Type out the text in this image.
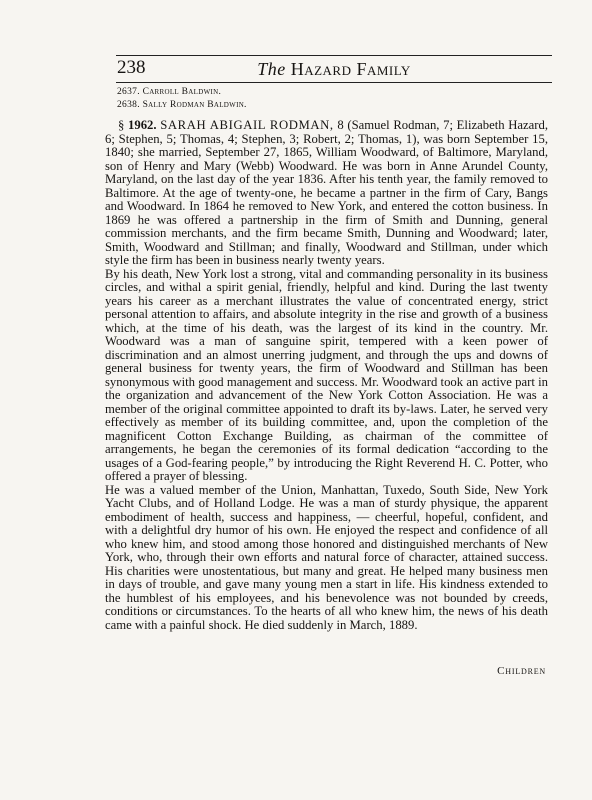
238	The Hazard Family
2637. Carroll Baldwin.
2638. Sally Rodman Baldwin.

§ 1962. SARAH ABIGAIL RODMAN, 8 (Samuel Rodman, 7; Elizabeth Hazard, 6; Stephen, 5; Thomas, 4; Stephen, 3; Robert, 2; Thomas, 1), was born September 15, 1840; she married, September 27, 1865, William Woodward, of Baltimore, Maryland, son of Henry and Mary (Webb) Woodward. He was born in Anne Arundel County, Maryland, on the last day of the year 1836. After his tenth year, the family removed to Baltimore. At the age of twenty-one, he became a partner in the firm of Cary, Bangs and Woodward. In 1864 he removed to New York, and entered the cotton business. In 1869 he was offered a partnership in the firm of Smith and Dunning, general commission merchants, and the firm became Smith, Dunning and Woodward; later, Smith, Woodward and Stillman; and finally, Woodward and Stillman, under which style the firm has been in business nearly twenty years.

By his death, New York lost a strong, vital and commanding personality in its business circles, and withal a spirit genial, friendly, helpful and kind. During the last twenty years his career as a merchant illustrates the value of concentrated energy, strict personal attention to affairs, and absolute integrity in the rise and growth of a business which, at the time of his death, was the largest of its kind in the country. Mr. Woodward was a man of sanguine spirit, tempered with a keen power of discrimination and an almost unerring judgment, and through the ups and downs of general business for twenty years, the firm of Woodward and Stillman has been synonymous with good management and success. Mr. Woodward took an active part in the organization and advancement of the New York Cotton Association. He was a member of the original committee appointed to draft its by-laws. Later, he served very effectively as member of its building committee, and, upon the completion of the magnificent Cotton Exchange Building, as chairman of the committee of arrangements, he began the ceremonies of its formal dedication “according to the usages of a God-fearing people,” by introducing the Right Reverend H. C. Potter, who offered a prayer of blessing.

He was a valued member of the Union, Manhattan, Tuxedo, South Side, New York Yacht Clubs, and of Holland Lodge. He was a man of sturdy physique, the apparent embodiment of health, success and happiness, — cheerful, hopeful, confident, and with a delightful dry humor of his own. He enjoyed the respect and confidence of all who knew him, and stood among those honored and distinguished merchants of New York, who, through their own efforts and natural force of character, attained success. His charities were unostentatious, but many and great. He helped many business men in days of trouble, and gave many young men a start in life. His kindness extended to the humblest of his employees, and his benevolence was not bounded by creeds, conditions or circumstances. To the hearts of all who knew him, the news of his death came with a painful shock. He died suddenly in March, 1889.

Children
